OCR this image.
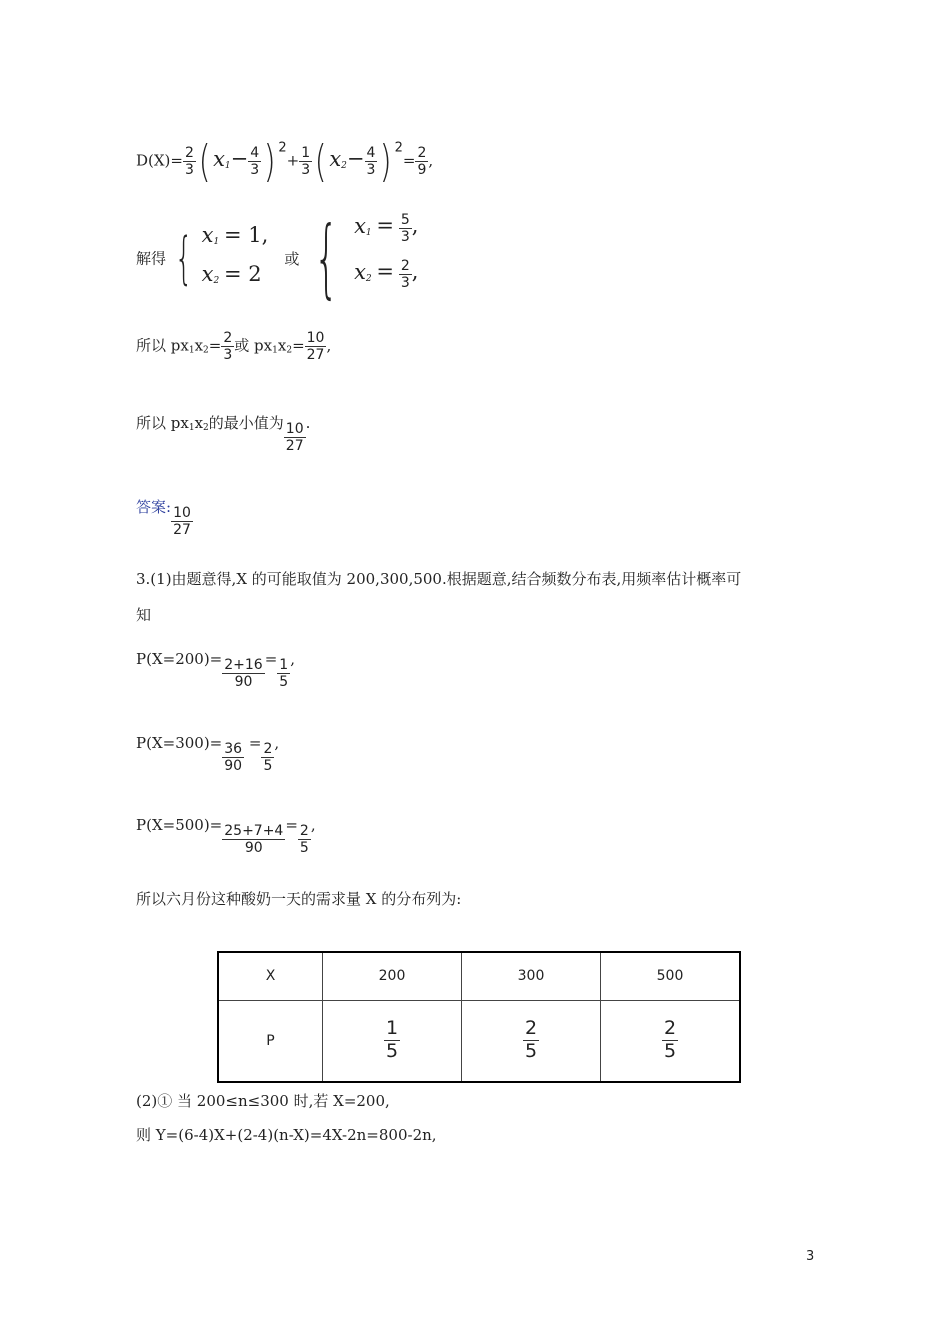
$D(X)= \frac{2}{3}$ ( $x_1- \frac{4}{3}$ ) $2+ \frac{1}{3}$ ( $x_2- \frac{4}{3}$ ) $2= \frac{2}{9}$ ,
解得 { $x_1 = 1$,
$x_2 = 2$
或 { $x_1 = \frac{5}{3}$ ,
$x_2 = \frac{2}{3}$ ,
所以 $px_1x_2= \frac{2}{3}$ 或 $px_1x_2= \frac{10}{27}$ ,
所以 $px_1x_2$的最小值为 $\frac{10}{27}$ .
答案: $\frac{10}{27}$
3.(1)由题意得,X 的可能取值为 200,300,500.根据题意,结合频数分布表,用频率估计概率可
知
$P(X=200)= \frac{2+16}{90} = \frac{1}{5}$ ,
$P(X=300)= \frac{36}{90} = \frac{2}{5}$ ,
$P(X=500)= \frac{25+7+4}{90} = \frac{2}{5}$ ,
所以六月份这种酸奶一天的需求量 X 的分布列为:
X	200	300	500
P	$\frac{1}{5}$	$\frac{2}{5}$	$\frac{2}{5}$
(2)① 当 200≤n≤300 时,若 X=200,
则 Y=(6-4)X+(2-4)(n-X)=4X-2n=800-2n,
3
